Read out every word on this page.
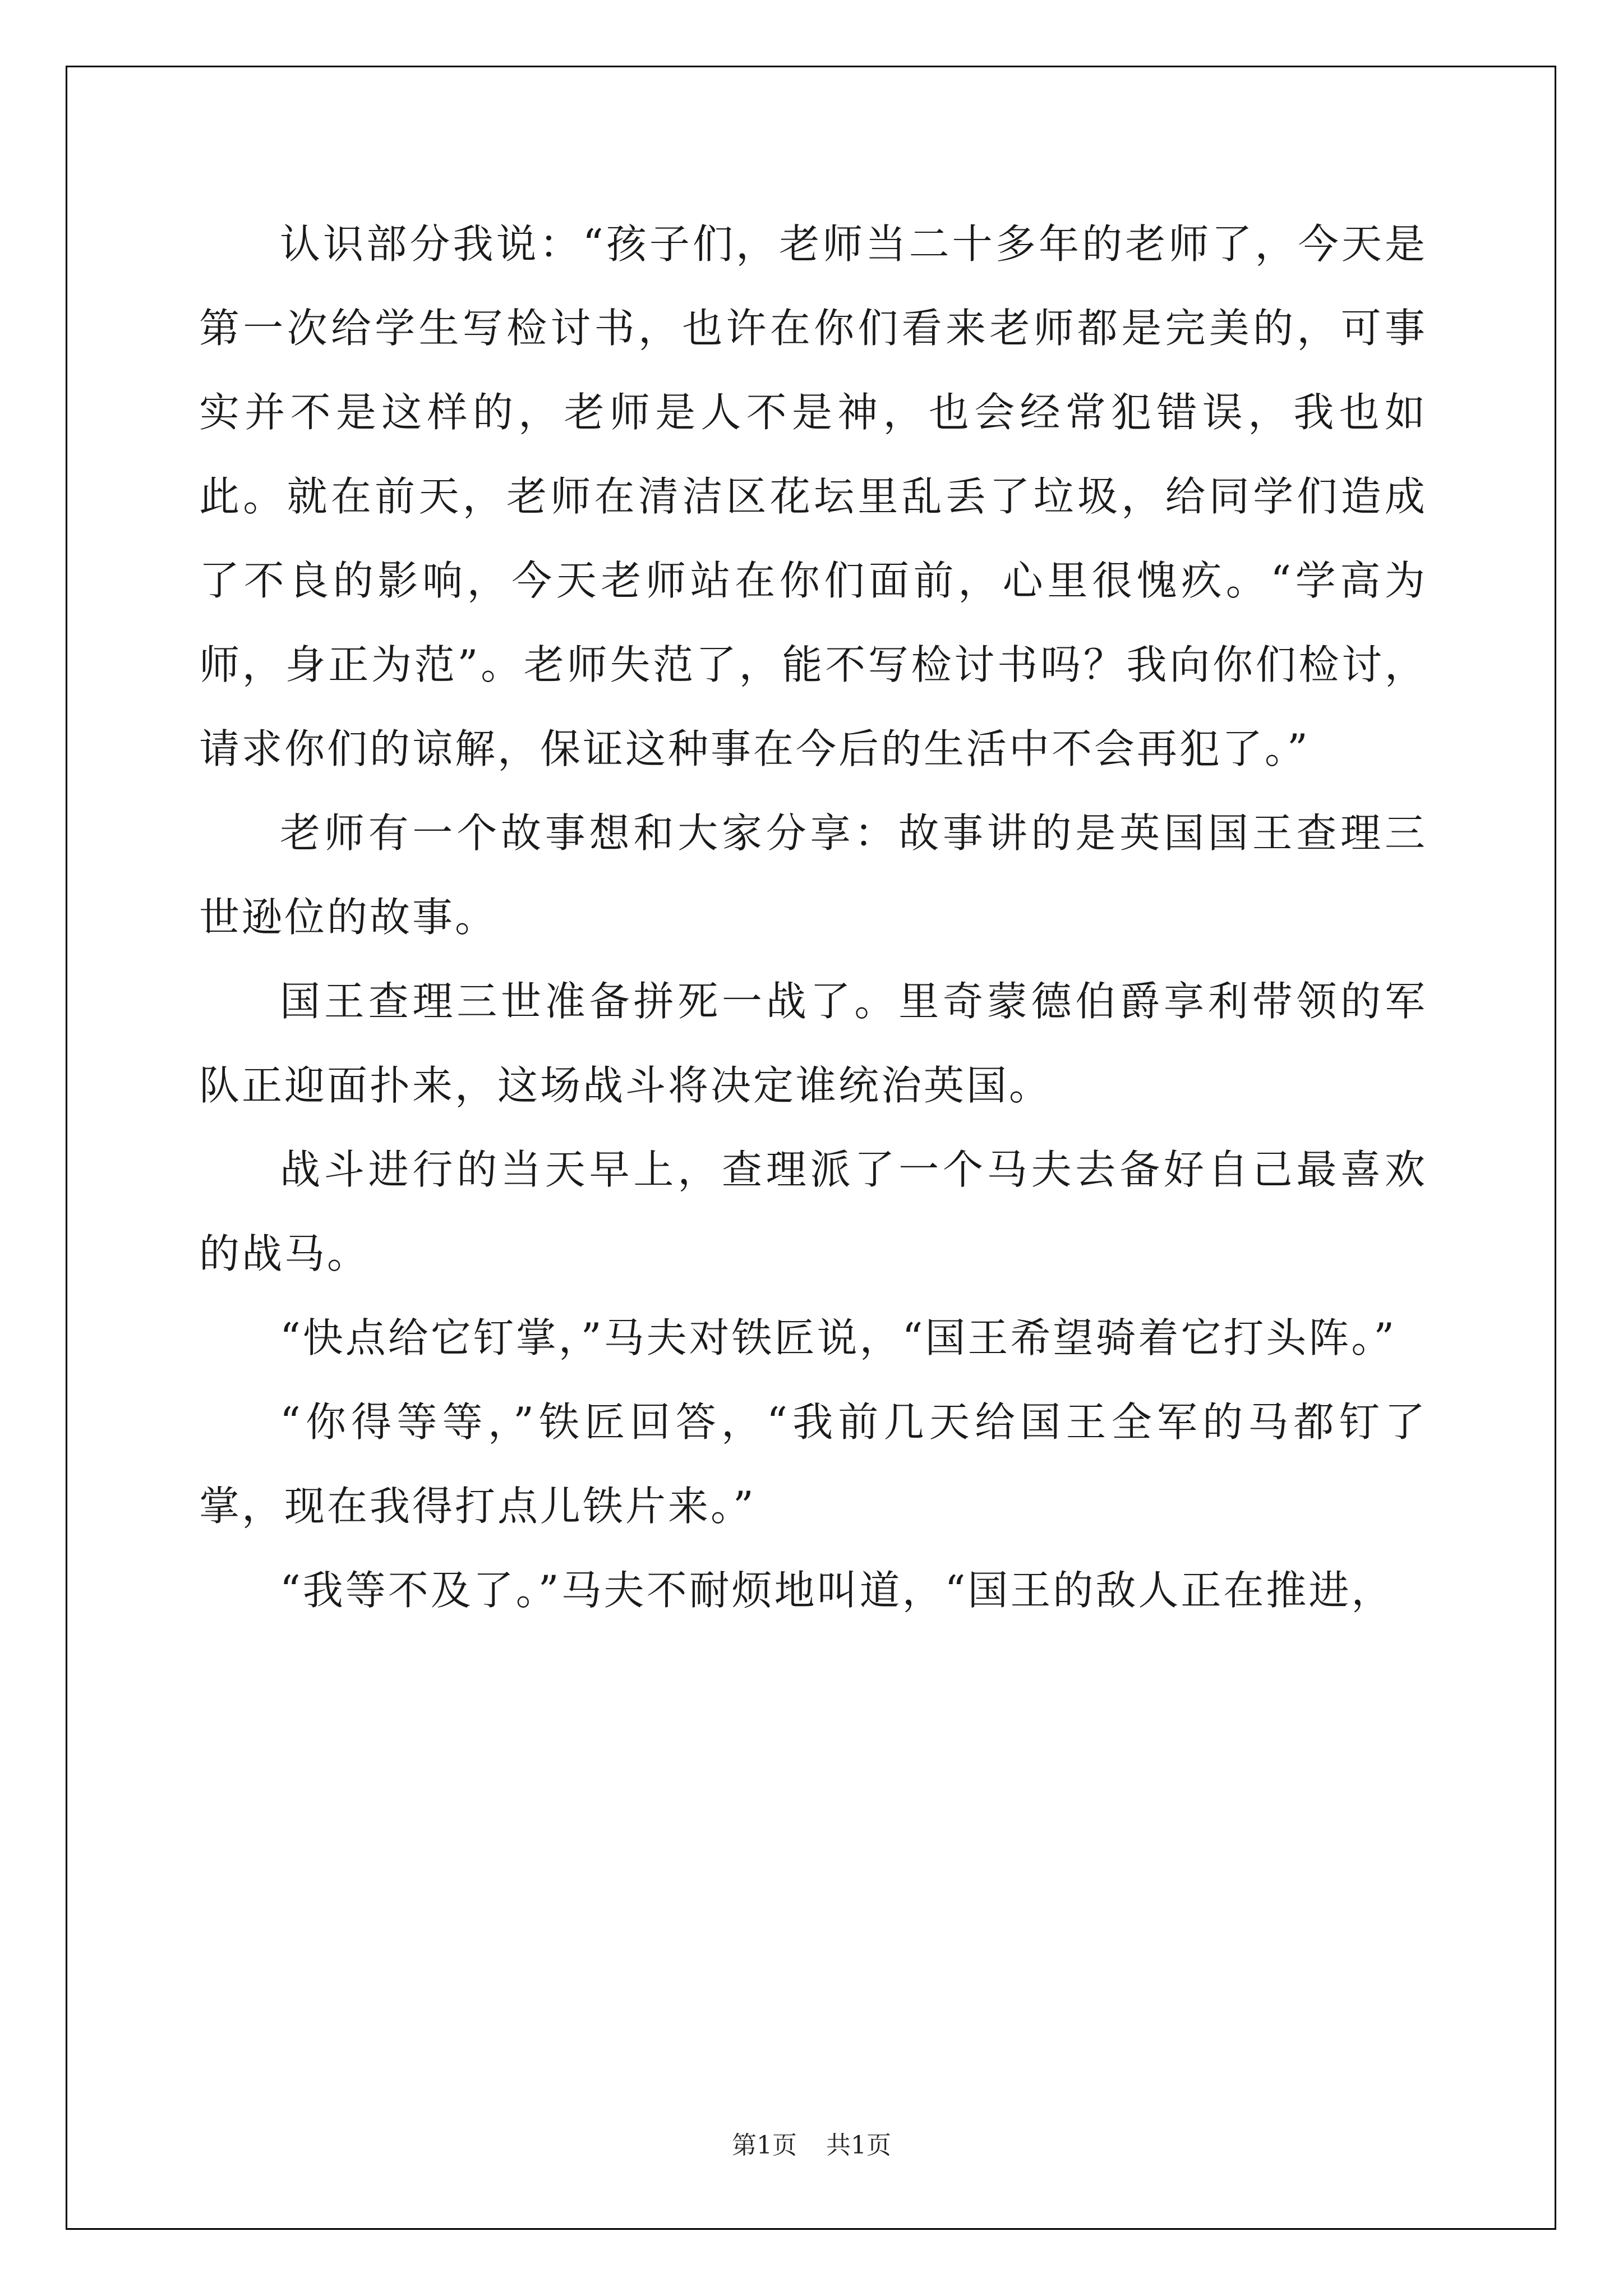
认识部分我说：“孩子们，老师当二十多年的老师了，今天是第一次给学生写检讨书，也许在你们看来老师都是完美的，可事实并不是这样的，老师是人不是神，也会经常犯错误，我也如此。就在前天，老师在清洁区花坛里乱丢了垃圾，给同学们造成了不良的影响，今天老师站在你们面前，心里很愧疚。“学高为师，身正为范”。老师失范了，能不写检讨书吗？我向你们检讨，请求你们的谅解，保证这种事在今后的生活中不会再犯了。”

老师有一个故事想和大家分享：故事讲的是英国国王查理三世逊位的故事。

国王查理三世准备拼死一战了。里奇蒙德伯爵享利带领的军队正迎面扑来，这场战斗将决定谁统治英国。

战斗进行的当天早上，查理派了一个马夫去备好自己最喜欢的战马。

“快点给它钉掌，”马夫对铁匠说，“国王希望骑着它打头阵。”

“你得等等，”铁匠回答，“我前几天给国王全军的马都钉了掌，现在我得打点儿铁片来。”

“我等不及了。”马夫不耐烦地叫道，“国王的敌人正在推进，

第1页 共1页
